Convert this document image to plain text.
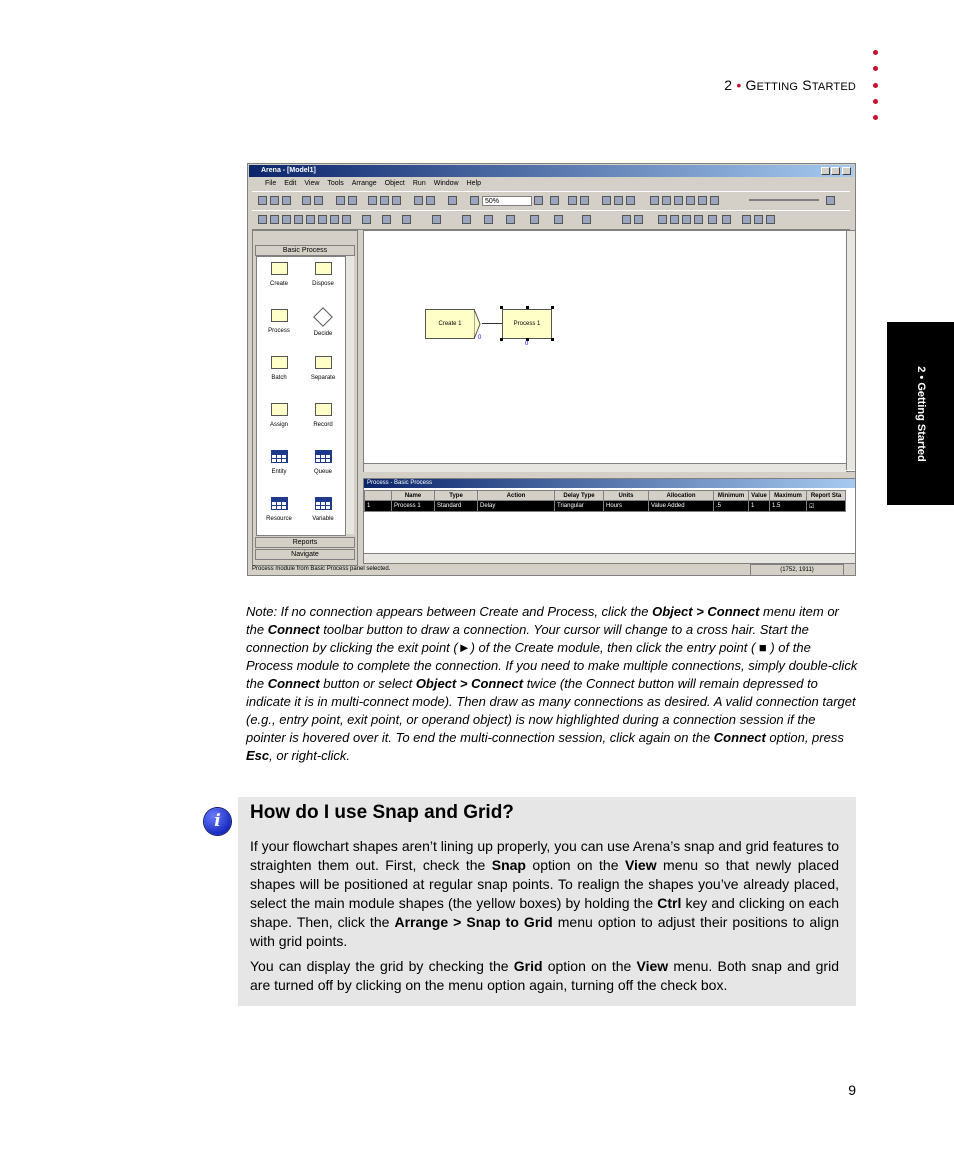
2 • GETTING STARTED
2 • Getting Started
Arena - [Model1]
File Edit View Tools Arrange Object Run Window Help
50%
Basic Process
Create	Dispose
Process	Decide
Batch	Separate
Assign	Record
Entity	Queue
Resource	Variable
Reports
Navigate
Create 1	Process 1
0
0
Process - Basic Process
	Name	Type	Action	Delay Type	Units	Allocation	Minimum	Value	Maximum	Report Sta
1	Process 1	Standard	Delay	Triangular	Hours	Value Added	.5	1	1.5	☑
Process module from Basic Process panel selected.	(1752, 1911)
Note: If no connection appears between Create and Process, click the Object > Connect menu item or the Connect toolbar button to draw a connection. Your cursor will change to a cross hair. Start the connection by clicking the exit point (►) of the Create module, then click the entry point ( ■ ) of the Process module to complete the connection. If you need to make multiple connections, simply double-click the Connect button or select Object > Connect twice (the Connect button will remain depressed to indicate it is in multi-connect mode). Then draw as many connections as desired. A valid connection target (e.g., entry point, exit point, or operand object) is now highlighted during a connection session if the pointer is hovered over it. To end the multi-connection session, click again on the Connect option, press Esc, or right-click.
i	How do I use Snap and Grid?
If your flowchart shapes aren’t lining up properly, you can use Arena’s snap and grid features to straighten them out. First, check the Snap option on the View menu so that newly placed shapes will be positioned at regular snap points. To realign the shapes you’ve already placed, select the main module shapes (the yellow boxes) by holding the Ctrl key and clicking on each shape. Then, click the Arrange > Snap to Grid menu option to adjust their positions to align with grid points.
You can display the grid by checking the Grid option on the View menu. Both snap and grid are turned off by clicking on the menu option again, turning off the check box.
9
